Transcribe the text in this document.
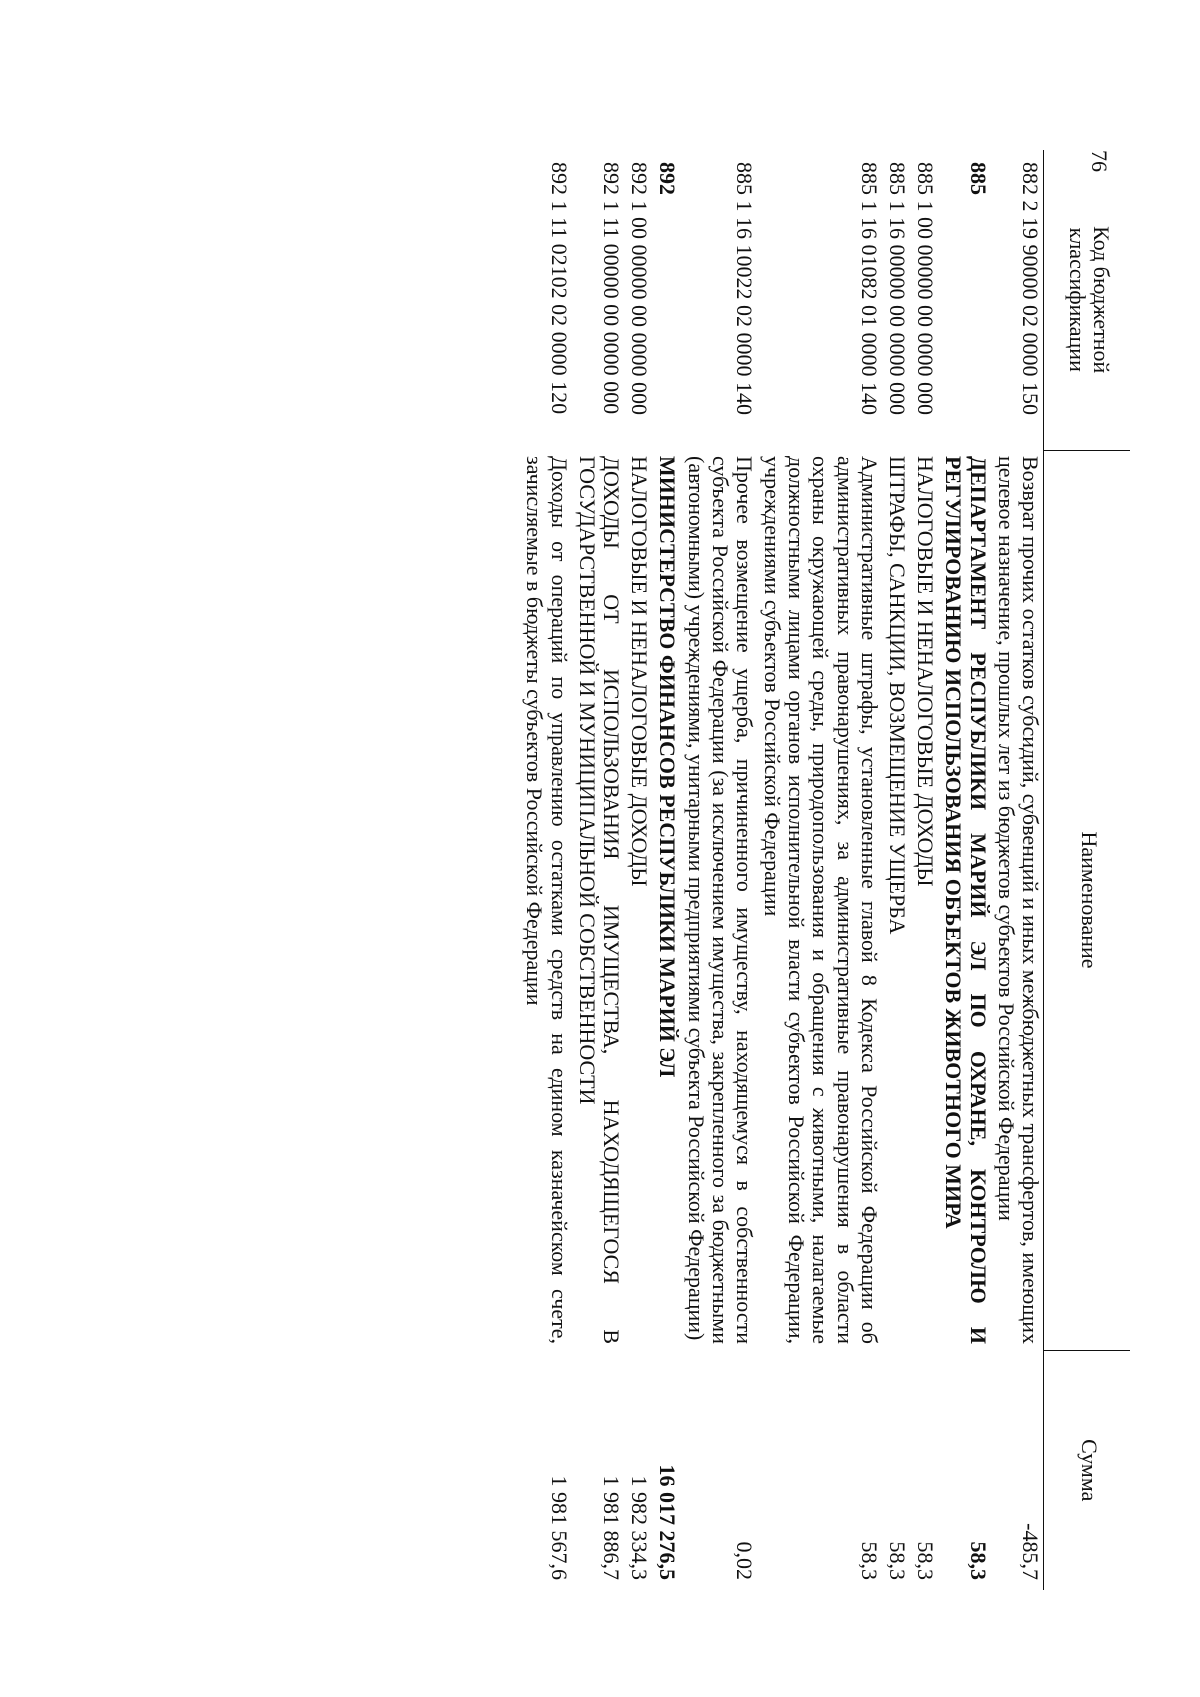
76
Код бюджетной классификации	Наименование	Сумма
882 2 19 90000 02 0000 150	Возврат прочих остатков субсидий, субвенций и иных межбюджетных трансфертов, имеющих целевое назначение, прошлых лет из бюджетов субъектов Российской Федерации	-485,7
885	ДЕПАРТАМЕНТ РЕСПУБЛИКИ МАРИЙ ЭЛ ПО ОХРАНЕ, КОНТРОЛЮ И РЕГУЛИРОВАНИЮ ИСПОЛЬЗОВАНИЯ ОБЪЕКТОВ ЖИВОТНОГО МИРА	58,3
885 1 00 00000 00 0000 000	НАЛОГОВЫЕ И НЕНАЛОГОВЫЕ ДОХОДЫ	58,3
885 1 16 00000 00 0000 000	ШТРАФЫ, САНКЦИИ, ВОЗМЕЩЕНИЕ УЩЕРБА	58,3
885 1 16 01082 01 0000 140	Административные штрафы, установленные главой 8 Кодекса Российской Федерации об административных правонарушениях, за административные правонарушения в области охраны окружающей среды, природопользования и обращения с животными, налагаемые должностными лицами органов исполнительной власти субъектов Российской Федерации, учреждениями субъектов Российской Федерации	58,3
885 1 16 10022 02 0000 140	Прочее возмещение ущерба, причиненного имуществу, находящемуся в собственности субъекта Российской Федерации (за исключением имущества, закрепленного за бюджетными (автономными) учреждениями, унитарными предприятиями субъекта Российской Федерации)	0,02
892	МИНИСТЕРСТВО ФИНАНСОВ РЕСПУБЛИКИ МАРИЙ ЭЛ	16 017 276,5
892 1 00 00000 00 0000 000	НАЛОГОВЫЕ И НЕНАЛОГОВЫЕ ДОХОДЫ	1 982 334,3
892 1 11 00000 00 0000 000	ДОХОДЫ ОТ ИСПОЛЬЗОВАНИЯ ИМУЩЕСТВА, НАХОДЯЩЕГОСЯ В ГОСУДАРСТВЕННОЙ И МУНИЦИПАЛЬНОЙ СОБСТВЕННОСТИ	1 981 886,7
892 1 11 02102 02 0000 120	Доходы от операций по управлению остатками средств на едином казначейском счете, зачисляемые в бюджеты субъектов Российской Федерации	1 981 567,6
